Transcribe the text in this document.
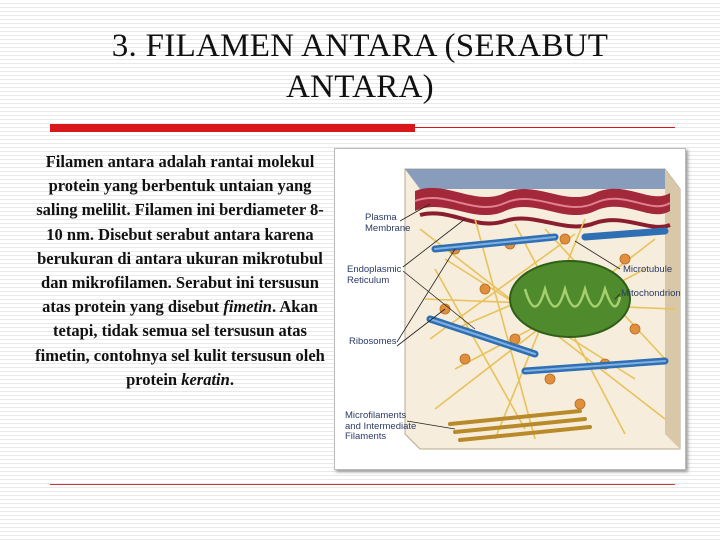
3. FILAMEN ANTARA (SERABUT
ANTARA)
Filamen antara adalah rantai molekul protein yang berbentuk untaian yang saling melilit. Filamen ini berdiameter 8-10 nm. Disebut serabut antara karena berukuran di antara ukuran mikrotubul dan mikrofilamen. Serabut ini tersusun atas protein yang disebut fimetin. Akan tetapi, tidak semua sel tersusun atas fimetin, contohnya sel kulit tersusun oleh protein keratin.
Plasma
Membrane
Endoplasmic
Reticulum
Ribosomes
Microfilaments
and Intermediate
Filaments
Microtubule
Mitochondrion
